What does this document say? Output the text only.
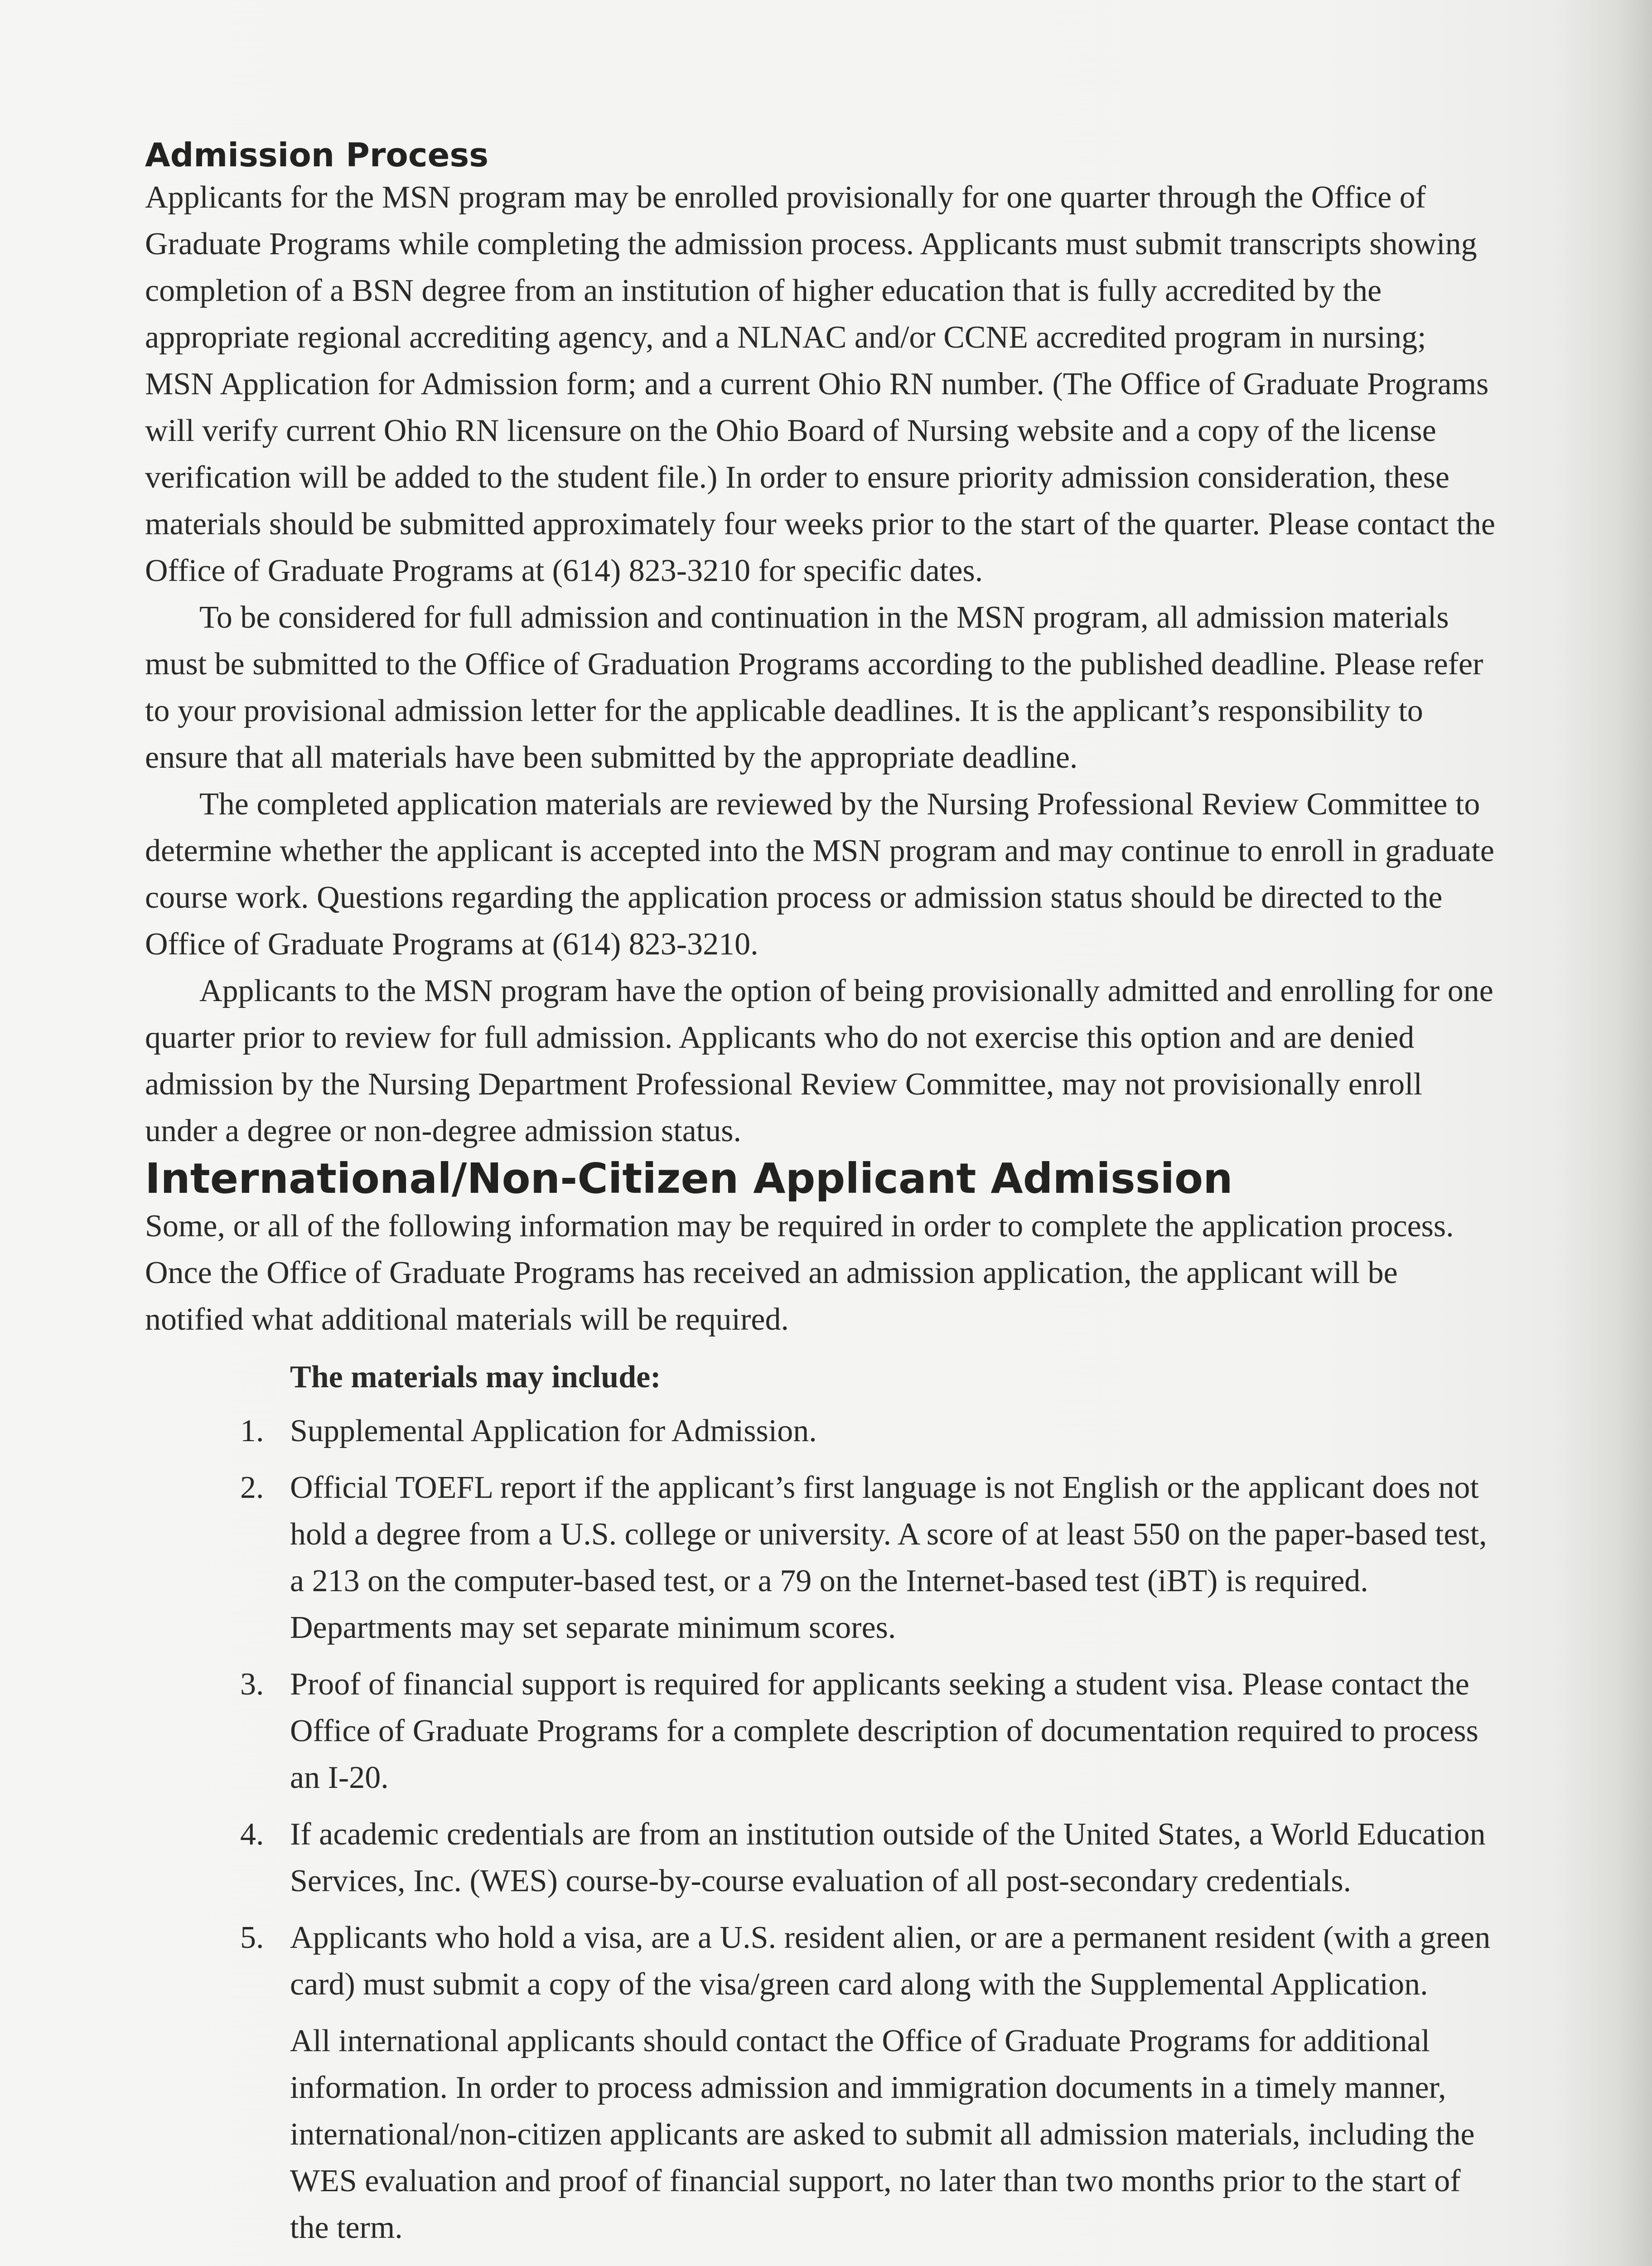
Admission Process

Applicants for the MSN program may be enrolled provisionally for one quarter through the Office of Graduate Programs while completing the admission process. Applicants must submit transcripts showing completion of a BSN degree from an institution of higher education that is fully accredited by the appropriate regional accrediting agency, and a NLNAC and/or CCNE accredited program in nursing; MSN Application for Admission form; and a current Ohio RN number. (The Office of Graduate Programs will verify current Ohio RN licensure on the Ohio Board of Nursing website and a copy of the license verification will be added to the student file.) In order to ensure priority admission consideration, these materials should be submitted approximately four weeks prior to the start of the quarter. Please contact the Office of Graduate Programs at (614) 823-3210 for specific dates.

To be considered for full admission and continuation in the MSN program, all admission materials must be submitted to the Office of Graduation Programs according to the published deadline. Please refer to your provisional admission letter for the applicable deadlines. It is the applicant’s responsibility to ensure that all materials have been submitted by the appropriate deadline.

The completed application materials are reviewed by the Nursing Professional Review Committee to determine whether the applicant is accepted into the MSN program and may continue to enroll in graduate course work. Questions regarding the application process or admission status should be directed to the Office of Graduate Programs at (614) 823-3210.

Applicants to the MSN program have the option of being provisionally admitted and enrolling for one quarter prior to review for full admission. Applicants who do not exercise this option and are denied admission by the Nursing Department Professional Review Committee, may not provisionally enroll under a degree or non-degree admission status.

International/Non-Citizen Applicant Admission

Some, or all of the following information may be required in order to complete the application process. Once the Office of Graduate Programs has received an admission application, the applicant will be notified what additional materials will be required.

The materials may include:
1. Supplemental Application for Admission.
2. Official TOEFL report if the applicant’s first language is not English or the applicant does not hold a degree from a U.S. college or university. A score of at least 550 on the paper-based test, a 213 on the computer-based test, or a 79 on the Internet-based test (iBT) is required. Departments may set separate minimum scores.
3. Proof of financial support is required for applicants seeking a student visa. Please contact the Office of Graduate Programs for a complete description of documentation required to process an I-20.
4. If academic credentials are from an institution outside of the United States, a World Education Services, Inc. (WES) course-by-course evaluation of all post-secondary credentials.
5. Applicants who hold a visa, are a U.S. resident alien, or are a permanent resident (with a green card) must submit a copy of the visa/green card along with the Supplemental Application.

All international applicants should contact the Office of Graduate Programs for additional information. In order to process admission and immigration documents in a timely manner, international/non-citizen applicants are asked to submit all admission materials, including the WES evaluation and proof of financial support, no later than two months prior to the start of the term.
